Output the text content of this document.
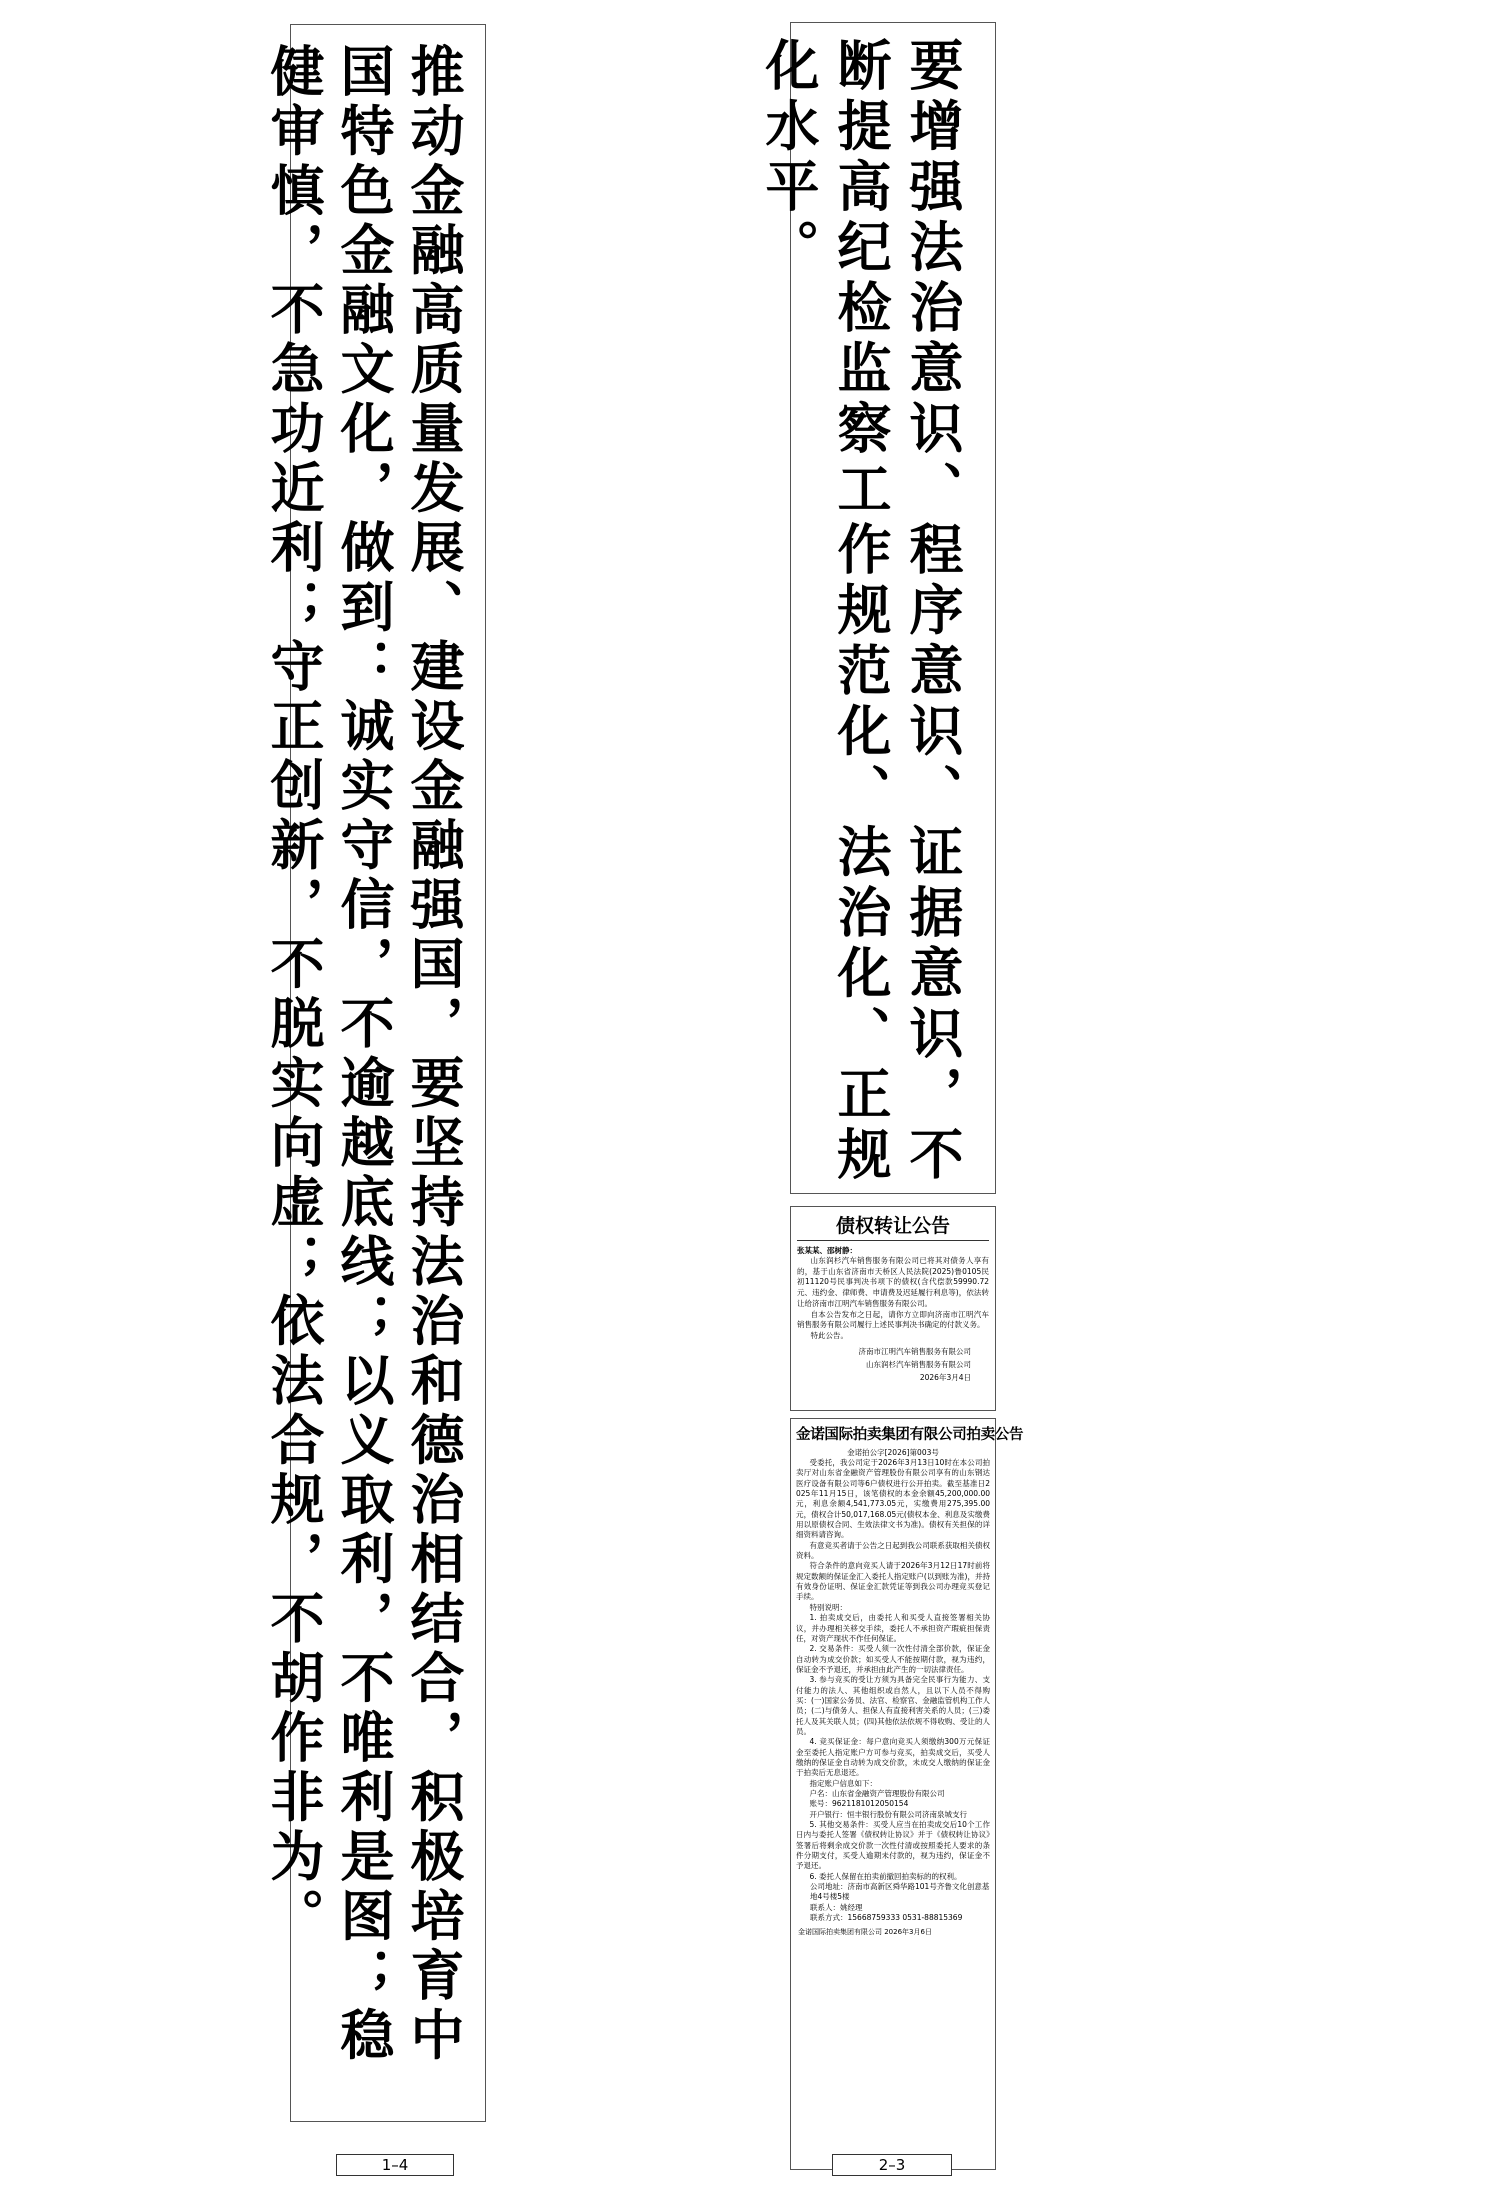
推动金融高质量发展、建设金融强国，要坚持法治和德治相结合，积极培育中国特色金融文化，做到：诚实守信，不逾越底线；以义取利，不唯利是图；稳健审慎，不急功近利；守正创新，不脱实向虚；依法合规，不胡作非为。	要增强法治意识、程序意识、证据意识，不断提高纪检监察工作规范化、法治化、正规化水平。
债权转让公告
张某某、邵树静：

山东润杉汽车销售服务有限公司已将其对债务人享有的，基于山东省济南市天桥区人民法院(2025)鲁0105民初11120号民事判决书项下的债权(含代偿款59990.72元、违约金、律师费、申请费及迟延履行利息等)，依法转让给济南市江明汽车销售服务有限公司。

自本公告发布之日起，请你方立即向济南市江明汽车销售服务有限公司履行上述民事判决书确定的付款义务。

特此公告。

济南市江明汽车销售服务有限公司
山东润杉汽车销售服务有限公司
2026年3月4日
金诺国际拍卖集团有限公司拍卖公告
金诺拍公字[2026]第003号

受委托，我公司定于2026年3月13日10时在本公司拍卖厅对山东省金融资产管理股份有限公司享有的山东钢达医疗设备有限公司等6户债权进行公开拍卖。截至基准日2025年11月15日，该笔债权的本金余额45,200,000.00元，利息余额4,541,773.05元，实缴费用275,395.00元，债权合计50,017,168.05元(债权本金、利息及实缴费用以原债权合同、生效法律文书为准)。债权有关担保的详细资料请咨询。

有意竞买者请于公告之日起到我公司联系获取相关债权资料。

符合条件的意向竞买人请于2026年3月12日17时前将规定数额的保证金汇入委托人指定账户(以到账为准)，并持有效身份证明、保证金汇款凭证等到我公司办理竞买登记手续。

特别说明：

1. 拍卖成交后，由委托人和买受人直接签署相关协议，并办理相关移交手续，委托人不承担资产瑕疵担保责任，对资产现状不作任何保证。

2. 交易条件：买受人须一次性付清全部价款，保证金自动转为成交价款；如买受人不能按期付款，视为违约，保证金不予退还，并承担由此产生的一切法律责任。

3. 参与竞买的受让方须为具备完全民事行为能力、支付能力的法人、其他组织或自然人，且以下人员不得购买：(一)国家公务员、法官、检察官、金融监管机构工作人员；(二)与债务人、担保人有直接利害关系的人员；(三)委托人及其关联人员；(四)其他依法依规不得收购、受让的人员。

4. 竞买保证金：每户意向竞买人须缴纳300万元保证金至委托人指定账户方可参与竞买，拍卖成交后，买受人缴纳的保证金自动转为成交价款，未成交人缴纳的保证金于拍卖后无息退还。

指定账户信息如下：

户名：山东省金融资产管理股份有限公司

账号：9621181012050154

开户银行：恒丰银行股份有限公司济南泉城支行

5. 其他交易条件：买受人应当在拍卖成交后10个工作日内与委托人签署《债权转让协议》并于《债权转让协议》签署后将剩余成交价款一次性付清或按照委托人要求的条件分期支付，买受人逾期未付款的，视为违约，保证金不予退还。

6. 委托人保留在拍卖前撤回拍卖标的的权利。

公司地址：济南市高新区舜华路101号齐鲁文化创意基地4号楼5楼
联系人：姚经理
联系方式：15668759333 0531-88815369
金诺国际拍卖集团有限公司 2026年3月6日
1–4	2–3
